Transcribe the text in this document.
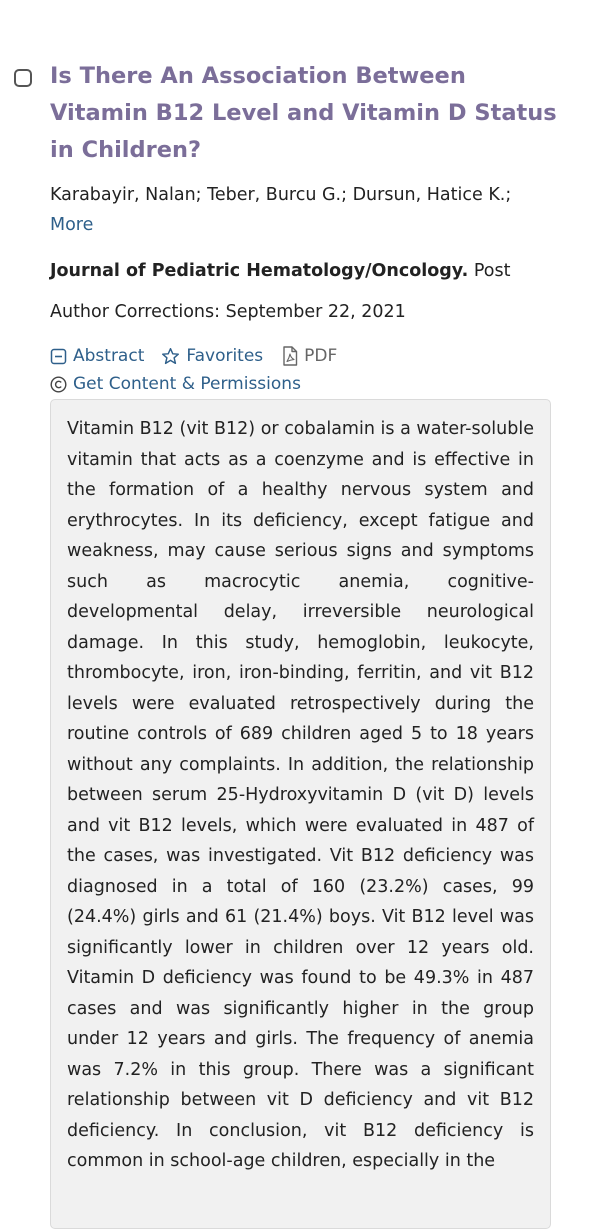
Is There An Association Between Vitamin B12 Level and Vitamin D Status in Children?
Karabayir, Nalan; Teber, Burcu G.; Dursun, Hatice K.;
More
Journal of Pediatric Hematology/Oncology. Post Author Corrections: September 22, 2021
Abstract Favorites PDF
Get Content & Permissions

Vitamin B12 (vit B12) or cobalamin is a water-soluble vitamin that acts as a coenzyme and is effective in the formation of a healthy nervous system and erythrocytes. In its deficiency, except fatigue and weakness, may cause serious signs and symptoms such as macrocytic anemia, cognitive-developmental delay, irreversible neurological damage. In this study, hemoglobin, leukocyte, thrombocyte, iron, iron-binding, ferritin, and vit B12 levels were evaluated retrospectively during the routine controls of 689 children aged 5 to 18 years without any complaints. In addition, the relationship between serum 25-Hydroxyvitamin D (vit D) levels and vit B12 levels, which were evaluated in 487 of the cases, was investigated. Vit B12 deficiency was diagnosed in a total of 160 (23.2%) cases, 99 (24.4%) girls and 61 (21.4%) boys. Vit B12 level was significantly lower in children over 12 years old. Vitamin D deficiency was found to be 49.3% in 487 cases and was significantly higher in the group under 12 years and girls. The frequency of anemia was 7.2% in this group. There was a significant relationship between vit D deficiency and vit B12 deficiency. In conclusion, vit B12 deficiency is common in school-age children, especially in the
